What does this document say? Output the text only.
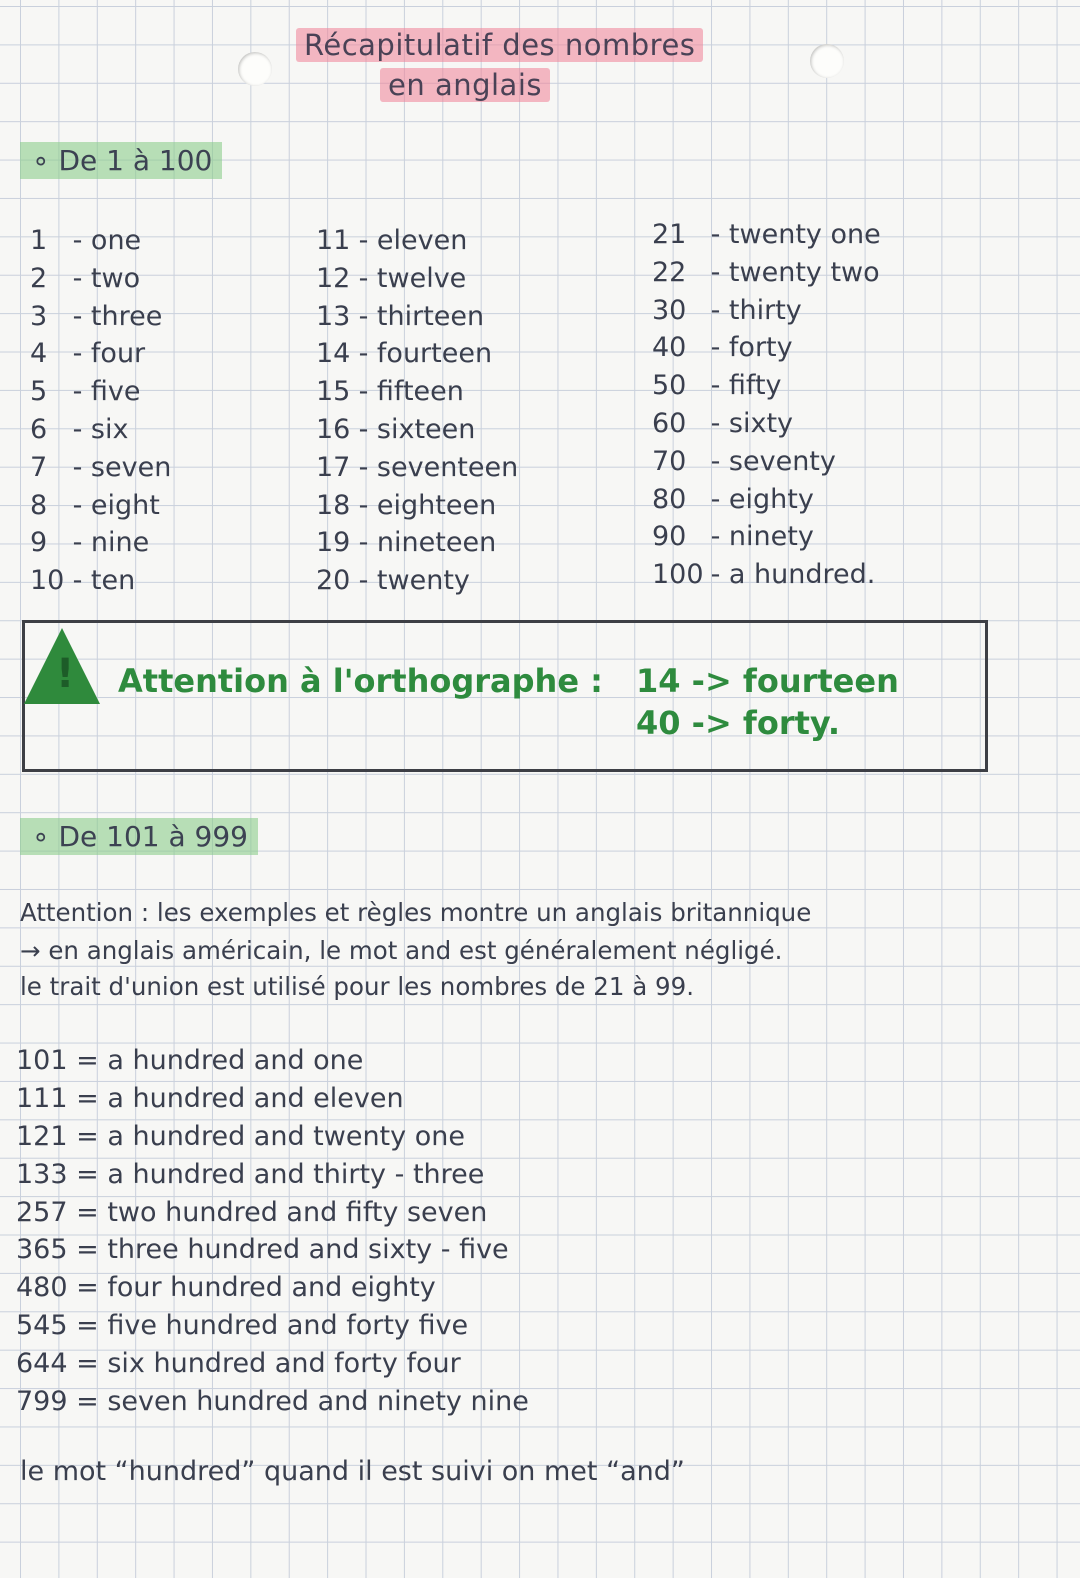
Récapitulatif des nombres
en anglais
∘ De 1 à 100
1 - one
2 - two
3 - three
4 - four
5 - five
6 - six
7 - seven
8 - eight
9 - nine
10 - ten
11 - eleven
12 - twelve
13 - thirteen
14 - fourteen
15 - fifteen
16 - sixteen
17 - seventeen
18 - eighteen
19 - nineteen
20 - twenty
21 - twenty one
22 - twenty two
30 - thirty
40 - forty
50 - fifty
60 - sixty
70 - seventy
80 - eighty
90 - ninety
100 - a hundred.
! Attention à l'orthographe : 14 -> fourteen
40 -> forty.
∘ De 101 à 999
Attention : les exemples et règles montre un anglais britannique
→ en anglais américain, le mot and est généralement négligé.
le trait d'union est utilisé pour les nombres de 21 à 99.
101 = a hundred and one
111 = a hundred and eleven
121 = a hundred and twenty one
133 = a hundred and thirty - three
257 = two hundred and fifty seven
365 = three hundred and sixty - five
480 = four hundred and eighty
545 = five hundred and forty five
644 = six hundred and forty four
799 = seven hundred and ninety nine
le mot “hundred” quand il est suivi on met “and”
